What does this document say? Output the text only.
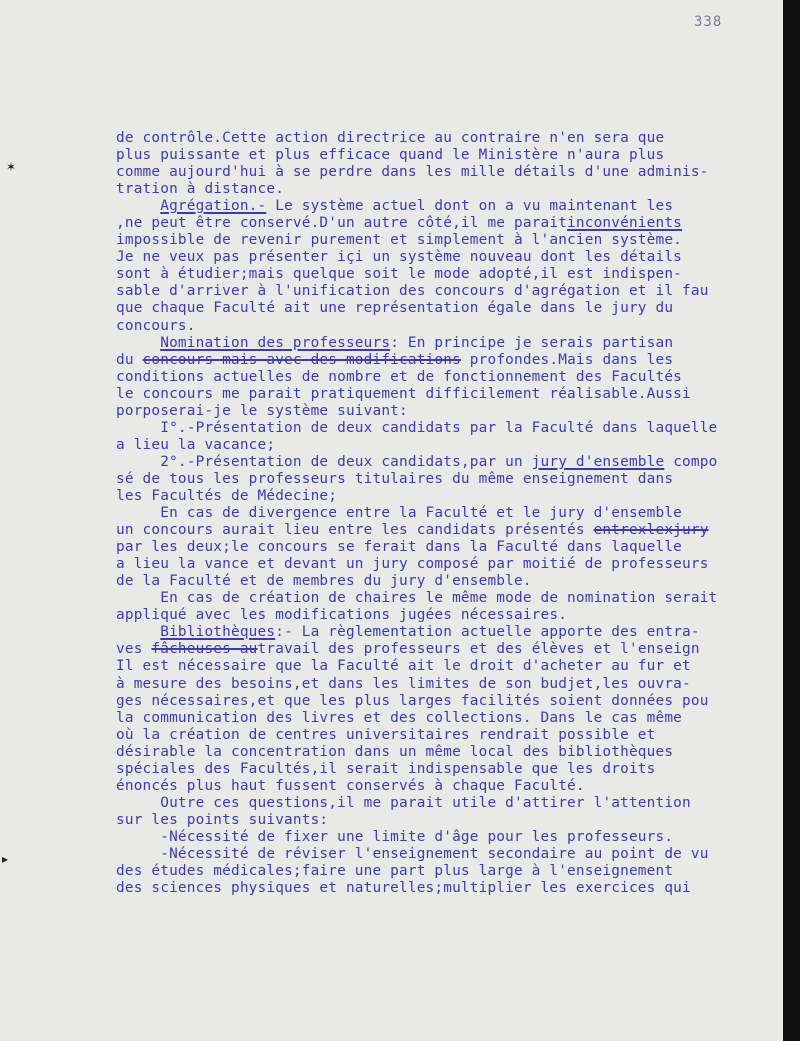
338
✶
▸
de contrôle.Cette action directrice au contraire n'en sera que
plus puissante et plus efficace quand le Ministère n'aura plus
comme aujourd'hui à se perdre dans les mille détails d'une adminis-
tration à distance.
Agrégation.- Le système actuel dont on a vu maintenant les
,ne peut être conservé.D'un autre côté,il me paraitinconvénients
impossible de revenir purement et simplement à l'ancien système.
Je ne veux pas présenter içi un système nouveau dont les détails
sont à étudier;mais quelque soit le mode adopté,il est indispen-
sable d'arriver à l'unification des concours d'agrégation et il fau
que chaque Faculté ait une représentation égale dans le jury du
concours.
Nomination des professeurs: En principe je serais partisan
du concours mais avec des modifications profondes.Mais dans les
conditions actuelles de nombre et de fonctionnement des Facultés
le concours me parait pratiquement difficilement réalisable.Aussi
porposerai-je le système suivant:
I°.-Présentation de deux candidats par la Faculté dans laquelle
a lieu la vacance;
2°.-Présentation de deux candidats,par un jury d'ensemble compo
sé de tous les professeurs titulaires du même enseignement dans
les Facultés de Médecine;
En cas de divergence entre la Faculté et le jury d'ensemble
un concours aurait lieu entre les candidats présentés entrexlexjury
par les deux;le concours se ferait dans la Faculté dans laquelle
a lieu la vance et devant un jury composé par moitié de professeurs
de la Faculté et de membres du jury d'ensemble.
En cas de création de chaires le même mode de nomination serait
appliqué avec les modifications jugées nécessaires.
Bibliothèques:- La règlementation actuelle apporte des entra-
ves fâcheuses autravail des professeurs et des élèves et l'enseign
Il est nécessaire que la Faculté ait le droit d'acheter au fur et
à mesure des besoins,et dans les limites de son budjet,les ouvra-
ges nécessaires,et que les plus larges facilités soient données pou
la communication des livres et des collections. Dans le cas même
où la création de centres universitaires rendrait possible et
désirable la concentration dans un même local des bibliothèques
spéciales des Facultés,il serait indispensable que les droits
énoncés plus haut fussent conservés à chaque Faculté.
Outre ces questions,il me parait utile d'attirer l'attention
sur les points suivants:
-Nécessité de fixer une limite d'âge pour les professeurs.
-Nécessité de réviser l'enseignement secondaire au point de vu
des études médicales;faire une part plus large à l'enseignement
des sciences physiques et naturelles;multiplier les exercices qui
